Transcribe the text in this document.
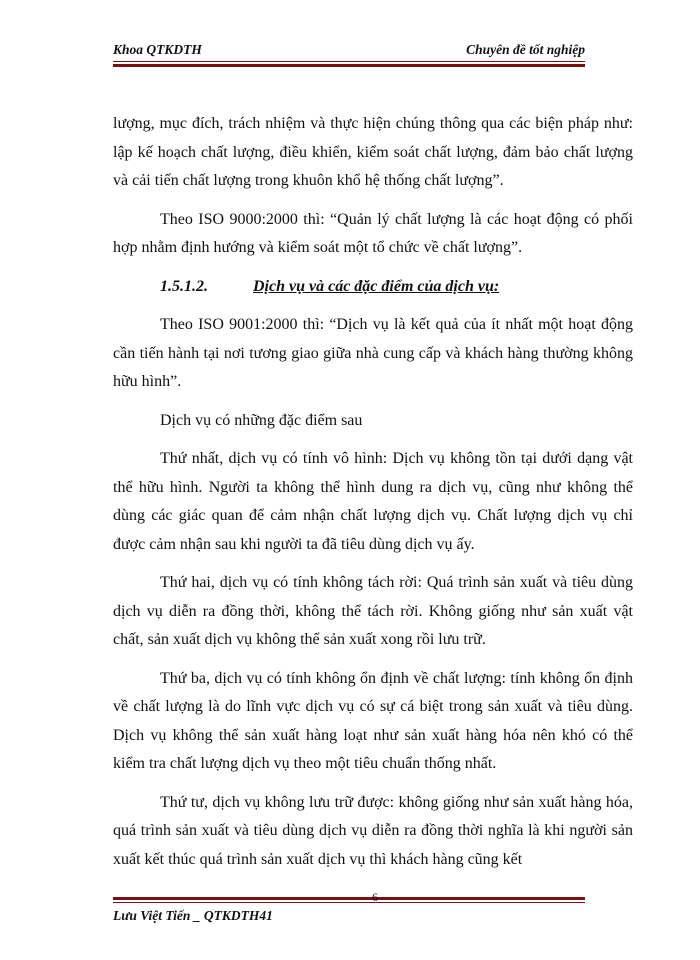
Khoa QTKDTH	Chuyên đề tốt nghiệp

lượng, mục đích, trách nhiệm và thực hiện chúng thông qua các biện pháp như: lập kế hoạch chất lượng, điều khiển, kiểm soát chất lượng, đảm bảo chất lượng và cải tiến chất lượng trong khuôn khổ hệ thống chất lượng”.

Theo ISO 9000:2000 thì: “Quản lý chất lượng là các hoạt động có phối hợp nhằm định hướng và kiểm soát một tổ chức về chất lượng”.

1.5.1.2.	Dịch vụ và các đặc điểm của dịch vụ:

Theo ISO 9001:2000 thì: “Dịch vụ là kết quả của ít nhất một hoạt động cần tiến hành tại nơi tương giao giữa nhà cung cấp và khách hàng thường không hữu hình”.

Dịch vụ có những đặc điểm sau

Thứ nhất, dịch vụ có tính vô hình: Dịch vụ không tồn tại dưới dạng vật thể hữu hình. Người ta không thể hình dung ra dịch vụ, cũng như không thể dùng các giác quan để cảm nhận chất lượng dịch vụ. Chất lượng dịch vụ chỉ được cảm nhận sau khi người ta đã tiêu dùng dịch vụ ấy.

Thứ hai, dịch vụ có tính không tách rời: Quá trình sản xuất và tiêu dùng dịch vụ diễn ra đồng thời, không thể tách rời. Không giống như sản xuất vật chất, sản xuất dịch vụ không thể sản xuất xong rồi lưu trữ.

Thứ ba, dịch vụ có tính không ổn định về chất lượng: tính không ổn định về chất lượng là do lĩnh vực dịch vụ có sự cá biệt trong sản xuất và tiêu dùng. Dịch vụ không thể sản xuất hàng loạt như sản xuất hàng hóa nên khó có thể kiểm tra chất lượng dịch vụ theo một tiêu chuẩn thống nhất.

Thứ tư, dịch vụ không lưu trữ được: không giống như sản xuất hàng hóa, quá trình sản xuất và tiêu dùng dịch vụ diễn ra đồng thời nghĩa là khi người sản xuất kết thúc quá trình sản xuất dịch vụ thì khách hàng cũng kết

6
Lưu Việt Tiến _ QTKDTH41
